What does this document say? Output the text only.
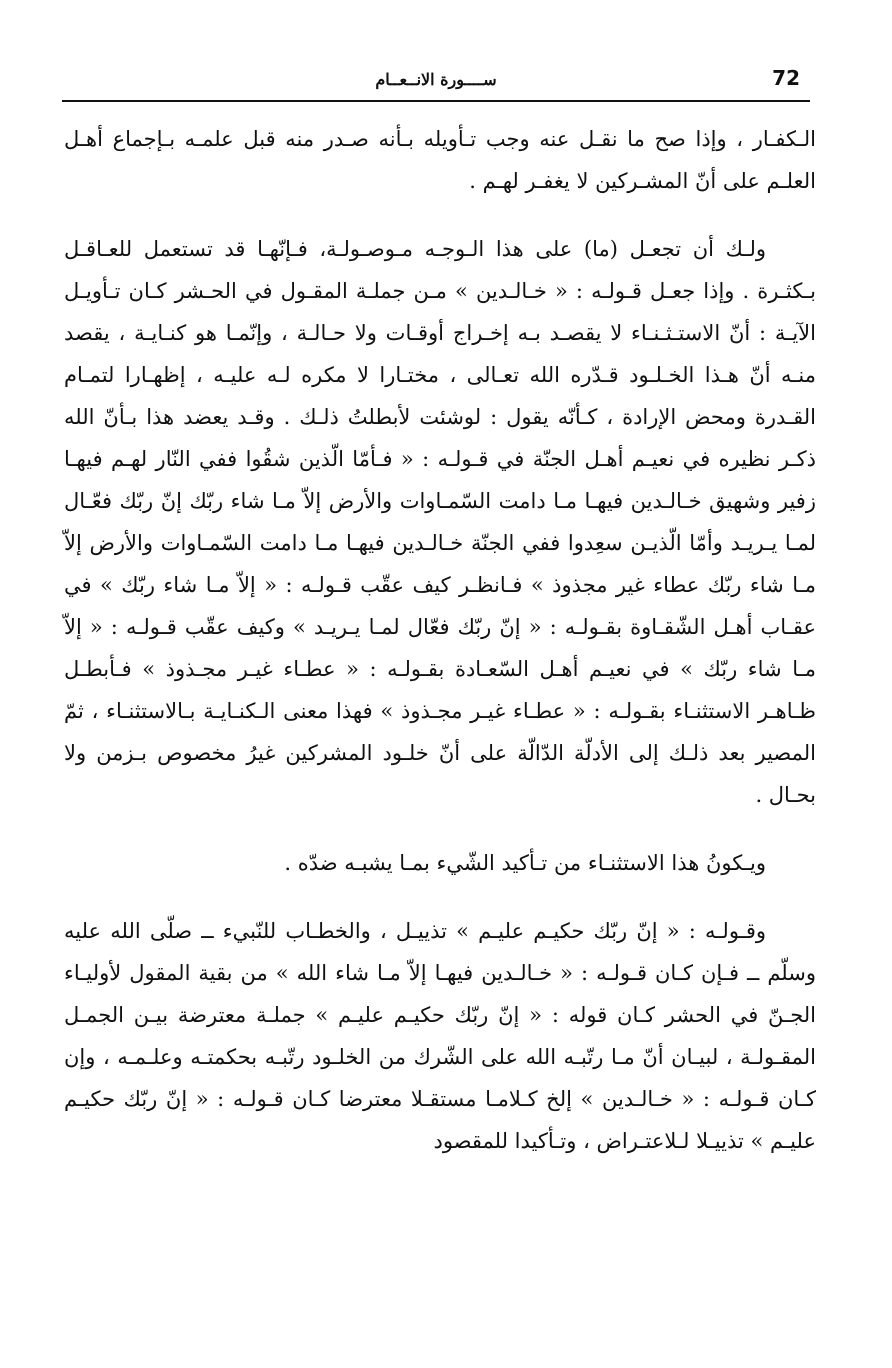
72
ســــورة الانــعــام

الـكفـار ، وإذا صح ما نقـل عنه وجب تـأويله بـأنه صـدر منه قبل علمـه بـإجماع أهـل العلـم على أنّ المشـركين لا يغفـر لهـم .

ولـك أن تجعـل (ما) على هذا الـوجـه مـوصـولـة، فـإنّهـا قد تستعمل للعـاقـل بـكثـرة . وإذا جعـل قـولـه : « خـالـدين » مـن جملـة المقـول في الحـشر كـان تـأويـل الآيـة : أنّ الاستـثـنـاء لا يقصـد بـه إخـراج أوقـات ولا حـالـة ، وإنّمـا هو كنـايـة ، يقصد منـه أنّ هـذا الخـلـود قـدّره الله تعـالى ، مختـارا لا مكره لـه عليـه ، إظهـارا لتمـام القـدرة ومحض الإرادة ، كـأنّه يقول : لوشئت لأبطلتُ ذلـك . وقـد يعضد هذا بـأنّ الله ذكـر نظيره في نعيـم أهـل الجنّة في قـولـه : « فـأمّا الّذين شقُوا ففي النّار لهـم فيهـا زفير وشهيق خـالـدين فيهـا مـا دامت السّمـاوات والأرض إلاّ مـا شاء ربّك إنّ ربّك فعّـال لمـا يـريـد وأمّا الّذيـن سعِدوا ففي الجنّة خـالـدين فيهـا مـا دامت السّمـاوات والأرض إلاّ مـا شاء ربّك عطاء غير مجذوذ » فـانظـر كيف عقّب قـولـه : « إلاّ مـا شاء ربّك » في عقـاب أهـل الشّقـاوة بقـولـه : « إنّ ربّك فعّال لمـا يـريـد » وكيف عقّب قـولـه : « إلاّ مـا شاء ربّك » في نعيـم أهـل السّعـادة بقـولـه : « عطـاء غيـر مجـذوذ » فـأبطـل ظـاهـر الاستثنـاء بقـولـه : « عطـاء غيـر مجـذوذ » فهذا معنى الـكنـايـة بـالاستثنـاء ، ثمّ المصير بعد ذلـك إلى الأدلّة الدّالّة على أنّ خلـود المشركين غيرُ مخصوص بـزمن ولا بحـال .

ويـكونُ هذا الاستثنـاء من تـأكيد الشّيء بمـا يشبـه ضدّه .

وقـولـه : « إنّ ربّك حكيـم عليـم » تذييـل ، والخطـاب للنّبيء ــ صلّى الله عليه وسلّم ــ فـإن كـان قـولـه : « خـالـدين فيهـا إلاّ مـا شاء الله » من بقية المقول لأوليـاء الجـنّ في الحشر كـان قوله : « إنّ ربّك حكيـم عليـم » جملـة معترضة بيـن الجمـل المقـولـة ، لبيـان أنّ مـا رتّبـه الله على الشّرك من الخلـود رتّبـه بحكمتـه وعلـمـه ، وإن كـان قـولـه : « خـالـدين » إلخ كـلامـا مستقـلا معترضا كـان قـولـه : « إنّ ربّك حكيـم عليـم » تذييـلا لـلاعتـراض ، وتـأكيدا للمقصود
